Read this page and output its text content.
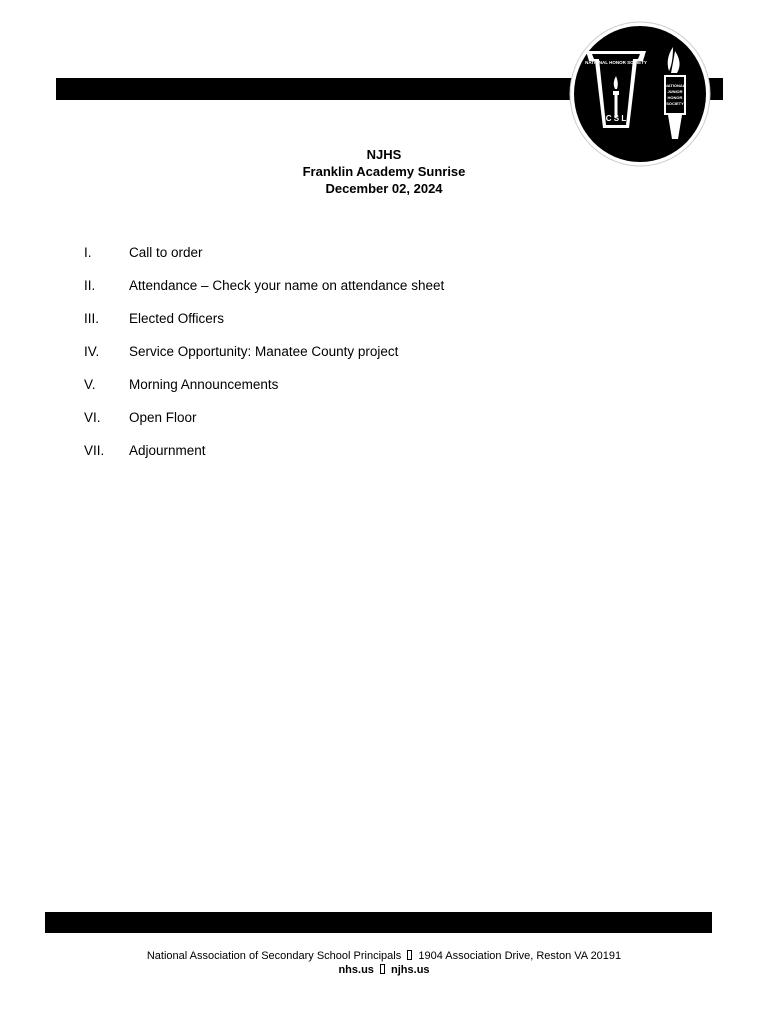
NATIONAL HONOR SOCIETY
C S L
NATIONAL
JUNIOR
HONOR
SOCIETY
NJHS
Franklin Academy Sunrise
December 02, 2024
I.	Call to order
II. Attendance – Check your name on attendance sheet
III. Elected Officers
IV. Service Opportunity: Manatee County project
V. Morning Announcements
VI. Open Floor
VII. Adjournment
National Association of Secondary School Principals 1904 Association Drive, Reston VA 20191
nhs.us njhs.us
